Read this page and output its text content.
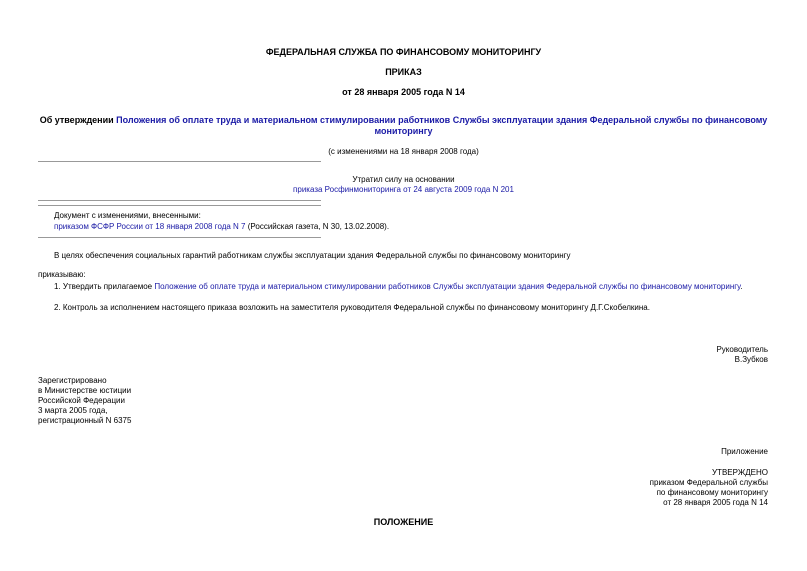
ФЕДЕРАЛЬНАЯ СЛУЖБА ПО ФИНАНСОВОМУ МОНИТОРИНГУ
ПРИКАЗ
от 28 января 2005 года N 14
Об утверждении Положения об оплате труда и материальном стимулировании работников Службы эксплуатации здания Федеральной службы по финансовому
мониторингу
(с изменениями на 18 января 2008 года)
Утратил силу на основании
приказа Росфинмониторинга от 24 августа 2009 года N 201
Документ с изменениями, внесенными:
приказом ФСФР России от 18 января 2008 года N 7 (Российская газета, N 30, 13.02.2008).
В целях обеспечения социальных гарантий работникам службы эксплуатации здания Федеральной службы по финансовому мониторингу
приказываю:
1. Утвердить прилагаемое Положение об оплате труда и материальном стимулировании работников Службы эксплуатации здания Федеральной службы по финансовому мониторингу.
2. Контроль за исполнением настоящего приказа возложить на заместителя руководителя Федеральной службы по финансовому мониторингу Д.Г.Скобелкина.
Руководитель
В.Зубков
Зарегистрировано
в Министерстве юстиции
Российской Федерации
3 марта 2005 года,
регистрационный N 6375
Приложение
УТВЕРЖДЕНО
приказом Федеральной службы
по финансовому мониторингу
от 28 января 2005 года N 14
ПОЛОЖЕНИЕ
